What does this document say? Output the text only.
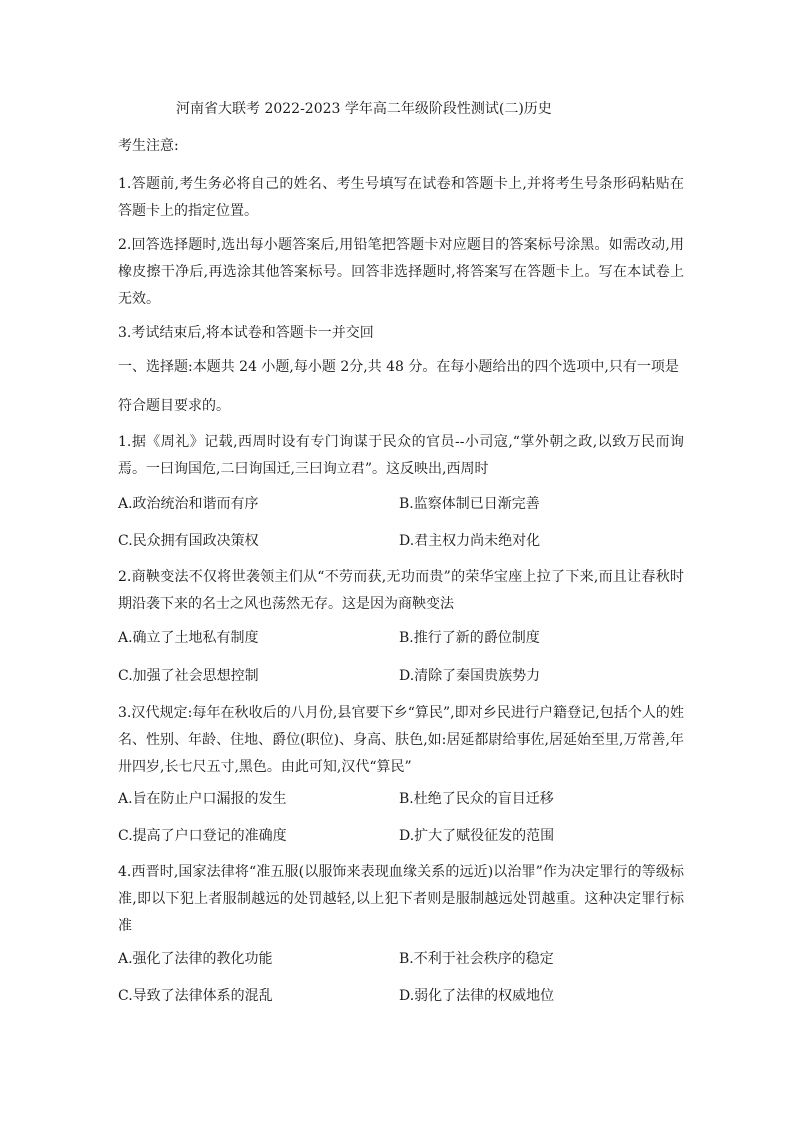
河南省大联考 2022-2023 学年高二年级阶段性测试(二)历史
考生注意:
1.答题前,考生务必将自己的姓名、考生号填写在试卷和答题卡上,并将考生号条形码粘贴在答题卡上的指定位置。
2.回答选择题时,选出每小题答案后,用铅笔把答题卡对应题目的答案标号涂黑。如需改动,用橡皮擦干净后,再选涂其他答案标号。回答非选择题时,将答案写在答题卡上。写在本试卷上无效。
3.考试结束后,将本试卷和答题卡一并交回
一、选择题:本题共 24 小题,每小题 2分,共 48 分。在每小题给出的四个选项中,只有一项是
符合题目要求的。
1.据《周礼》记载,西周时设有专门询谋于民众的官员--小司寇,“掌外朝之政,以致万民而询焉。一曰询国危,二曰询国迁,三曰询立君”。这反映出,西周时
A.政治统治和谐而有序	B.监察体制已日渐完善
C.民众拥有国政决策权	D.君主权力尚未绝对化
2.商鞅变法不仅将世袭领主们从“不劳而获,无功而贵”的荣华宝座上拉了下来,而且让春秋时期沿袭下来的名士之风也荡然无存。这是因为商鞅变法
A.确立了土地私有制度	B.推行了新的爵位制度
C.加强了社会思想控制	D.清除了秦国贵族势力
3.汉代规定:每年在秋收后的八月份,县官要下乡“算民”,即对乡民进行户籍登记,包括个人的姓名、性别、年龄、住地、爵位(职位)、身高、肤色,如:居延都尉给事佐,居延始至里,万常善,年卅四岁,长七尺五寸,黑色。由此可知,汉代“算民”
A.旨在防止户口漏报的发生	B.杜绝了民众的盲目迁移
C.提高了户口登记的准确度	D.扩大了赋役征发的范围
4.西晋时,国家法律将“准五服(以服饰来表现血缘关系的远近)以治罪”作为决定罪行的等级标准,即以下犯上者服制越远的处罚越轻,以上犯下者则是服制越远处罚越重。这种决定罪行标准
A.强化了法律的教化功能	B.不利于社会秩序的稳定
C.导致了法律体系的混乱	D.弱化了法律的权威地位
